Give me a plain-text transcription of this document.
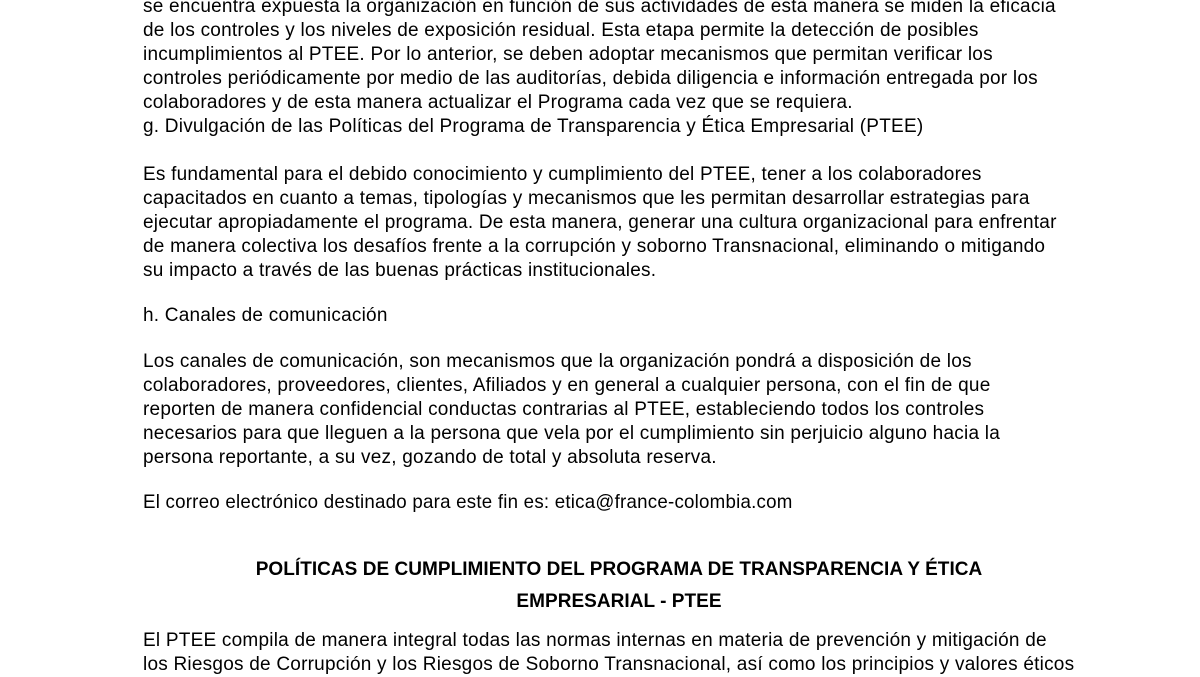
se encuentra expuesta la organización en función de sus actividades de esta manera se miden la eficacia
de los controles y los niveles de exposición residual. Esta etapa permite la detección de posibles
incumplimientos al PTEE. Por lo anterior, se deben adoptar mecanismos que permitan verificar los
controles periódicamente por medio de las auditorías, debida diligencia e información entregada por los
colaboradores y de esta manera actualizar el Programa cada vez que se requiera.
g. Divulgación de las Políticas del Programa de Transparencia y Ética Empresarial (PTEE)
Es fundamental para el debido conocimiento y cumplimiento del PTEE, tener a los colaboradores
capacitados en cuanto a temas, tipologías y mecanismos que les permitan desarrollar estrategias para
ejecutar apropiadamente el programa. De esta manera, generar una cultura organizacional para enfrentar
de manera colectiva los desafíos frente a la corrupción y soborno Transnacional, eliminando o mitigando
su impacto a través de las buenas prácticas institucionales.
h. Canales de comunicación
Los canales de comunicación, son mecanismos que la organización pondrá a disposición de los
colaboradores, proveedores, clientes, Afiliados y en general a cualquier persona, con el fin de que
reporten de manera confidencial conductas contrarias al PTEE, estableciendo todos los controles
necesarios para que lleguen a la persona que vela por el cumplimiento sin perjuicio alguno hacia la
persona reportante, a su vez, gozando de total y absoluta reserva.
El correo electrónico destinado para este fin es: etica@france-colombia.com
POLÍTICAS DE CUMPLIMIENTO DEL PROGRAMA DE TRANSPARENCIA Y ÉTICA
EMPRESARIAL - PTEE
El PTEE compila de manera integral todas las normas internas en materia de prevención y mitigación de
los Riesgos de Corrupción y los Riesgos de Soborno Transnacional, así como los principios y valores éticos
